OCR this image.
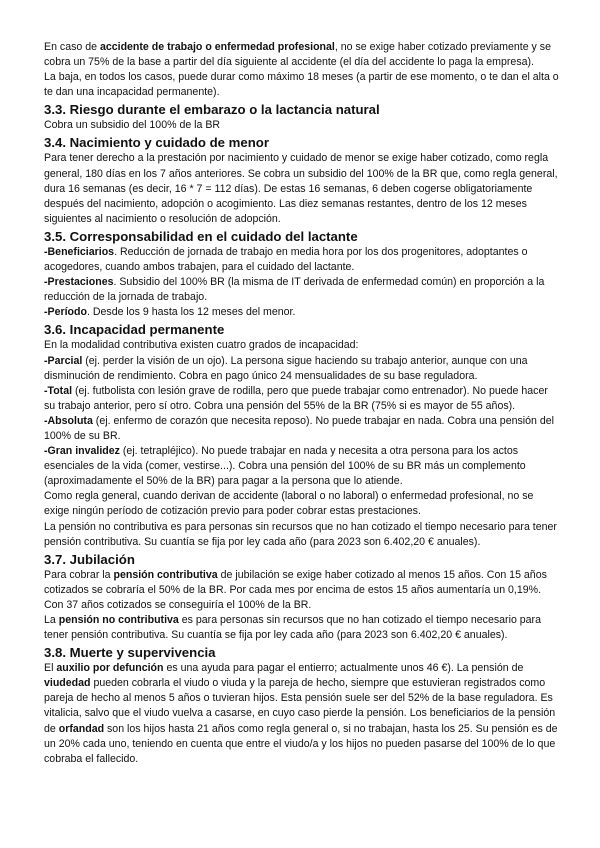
En caso de accidente de trabajo o enfermedad profesional, no se exige haber cotizado previamente y se cobra un 75% de la base a partir del día siguiente al accidente (el día del accidente lo paga la empresa).

La baja, en todos los casos, puede durar como máximo 18 meses (a partir de ese momento, o te dan el alta o te dan una incapacidad permanente).

3.3. Riesgo durante el embarazo o la lactancia natural

Cobra un subsidio del 100% de la BR

3.4. Nacimiento y cuidado de menor

Para tener derecho a la prestación por nacimiento y cuidado de menor se exige haber cotizado, como regla general, 180 días en los 7 años anteriores. Se cobra un subsidio del 100% de la BR que, como regla general, dura 16 semanas (es decir, 16 * 7 = 112 días). De estas 16 semanas, 6 deben cogerse obligatoriamente después del nacimiento, adopción o acogimiento. Las diez semanas restantes, dentro de los 12 meses siguientes al nacimiento o resolución de adopción.

3.5. Corresponsabilidad en el cuidado del lactante

-Beneficiarios. Reducción de jornada de trabajo en media hora por los dos progenitores, adoptantes o acogedores, cuando ambos trabajen, para el cuidado del lactante.

-Prestaciones. Subsidio del 100% BR (la misma de IT derivada de enfermedad común) en proporción a la reducción de la jornada de trabajo.

-Período. Desde los 9 hasta los 12 meses del menor.

3.6. Incapacidad permanente

En la modalidad contributiva existen cuatro grados de incapacidad:

-Parcial (ej. perder la visión de un ojo). La persona sigue haciendo su trabajo anterior, aunque con una disminución de rendimiento. Cobra en pago único 24 mensualidades de su base reguladora.

-Total (ej. futbolista con lesión grave de rodilla, pero que puede trabajar como entrenador). No puede hacer su trabajo anterior, pero sí otro. Cobra una pensión del 55% de la BR (75% si es mayor de 55 años).

-Absoluta (ej. enfermo de corazón que necesita reposo). No puede trabajar en nada. Cobra una pensión del 100% de su BR.

-Gran invalidez (ej. tetrapléjico). No puede trabajar en nada y necesita a otra persona para los actos esenciales de la vida (comer, vestirse...). Cobra una pensión del 100% de su BR más un complemento (aproximadamente el 50% de la BR) para pagar a la persona que lo atiende.

Como regla general, cuando derivan de accidente (laboral o no laboral) o enfermedad profesional, no se exige ningún período de cotización previo para poder cobrar estas prestaciones.

La pensión no contributiva es para personas sin recursos que no han cotizado el tiempo necesario para tener pensión contributiva. Su cuantía se fija por ley cada año (para 2023 son 6.402,20 € anuales).

3.7. Jubilación

Para cobrar la pensión contributiva de jubilación se exige haber cotizado al menos 15 años. Con 15 años cotizados se cobraría el 50% de la BR. Por cada mes por encima de estos 15 años aumentaría un 0,19%. Con 37 años cotizados se conseguiría el 100% de la BR.

La pensión no contributiva es para personas sin recursos que no han cotizado el tiempo necesario para tener pensión contributiva. Su cuantía se fija por ley cada año (para 2023 son 6.402,20 € anuales).

3.8. Muerte y supervivencia

El auxilio por defunción es una ayuda para pagar el entierro; actualmente unos 46 €). La pensión de viudedad pueden cobrarla el viudo o viuda y la pareja de hecho, siempre que estuvieran registrados como pareja de hecho al menos 5 años o tuvieran hijos. Esta pensión suele ser del 52% de la base reguladora. Es vitalicia, salvo que el viudo vuelva a casarse, en cuyo caso pierde la pensión. Los beneficiarios de la pensión de orfandad son los hijos hasta 21 años como regla general o, si no trabajan, hasta los 25. Su pensión es de un 20% cada uno, teniendo en cuenta que entre el viudo/a y los hijos no pueden pasarse del 100% de lo que cobraba el fallecido.
